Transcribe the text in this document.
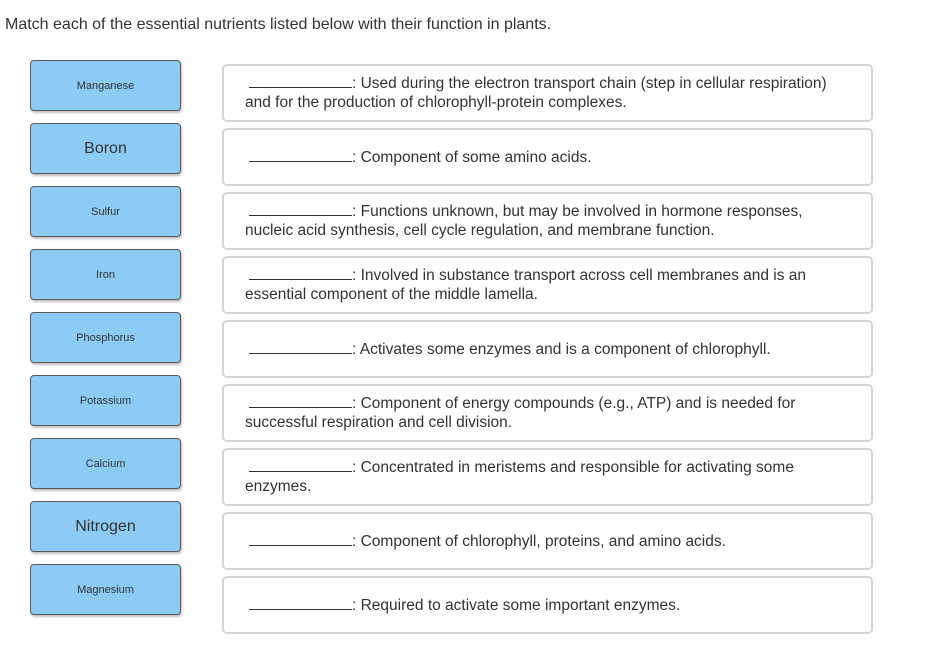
Match each of the essential nutrients listed below with their function in plants.
Manganese
Boron
Sulfur
Iron
Phosphorus
Potassium
Calcium
Nitrogen
Magnesium
: Used during the electron transport chain (step in cellular respiration) and for the production of chlorophyll-protein complexes.
: Component of some amino acids.
: Functions unknown, but may be involved in hormone responses, nucleic acid synthesis, cell cycle regulation, and membrane function.
: Involved in substance transport across cell membranes and is an essential component of the middle lamella.
: Activates some enzymes and is a component of chlorophyll.
: Component of energy compounds (e.g., ATP) and is needed for successful respiration and cell division.
: Concentrated in meristems and responsible for activating some enzymes.
: Component of chlorophyll, proteins, and amino acids.
: Required to activate some important enzymes.
